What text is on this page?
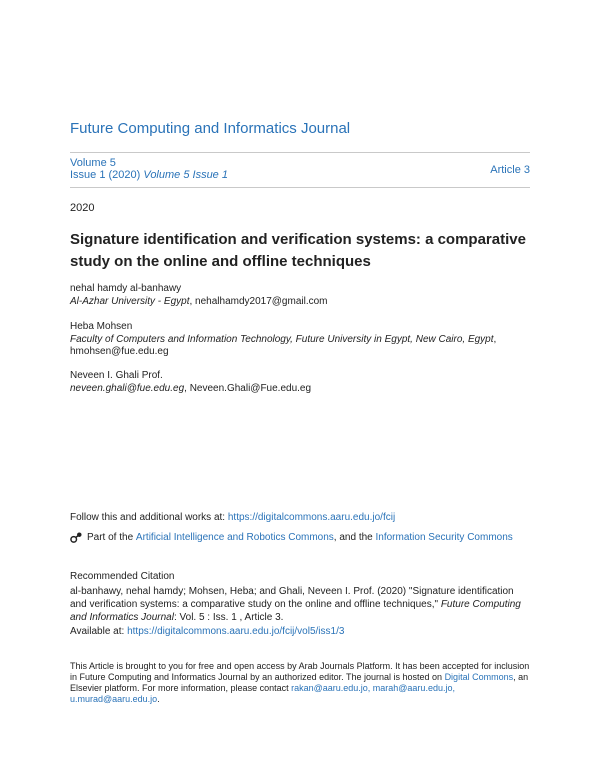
Future Computing and Informatics Journal
Volume 5
Issue 1 (2020) Volume 5 Issue 1	Article 3
2020
Signature identification and verification systems: a comparative study on the online and offline techniques
nehal hamdy al-banhawy
Al-Azhar University - Egypt, nehalhamdy2017@gmail.com
Heba Mohsen
Faculty of Computers and Information Technology, Future University in Egypt, New Cairo, Egypt, hmohsen@fue.edu.eg
Neveen I. Ghali Prof.
neveen.ghali@fue.edu.eg, Neveen.Ghali@Fue.edu.eg
Follow this and additional works at: https://digitalcommons.aaru.edu.jo/fcij
Part of the
Artificial Intelligence and Robotics Commons , and the
Information Security Commons
Recommended Citation
al-banhawy, nehal hamdy; Mohsen, Heba; and Ghali, Neveen I. Prof. (2020) "Signature identification and verification systems: a comparative study on the online and offline techniques," Future Computing and Informatics Journal: Vol. 5 : Iss. 1 , Article 3.
Available at: https://digitalcommons.aaru.edu.jo/fcij/vol5/iss1/3
This Article is brought to you for free and open access by Arab Journals Platform. It has been accepted for inclusion in Future Computing and Informatics Journal by an authorized editor. The journal is hosted on Digital Commons, an Elsevier platform. For more information, please contact rakan@aaru.edu.jo, marah@aaru.edu.jo, u.murad@aaru.edu.jo.
